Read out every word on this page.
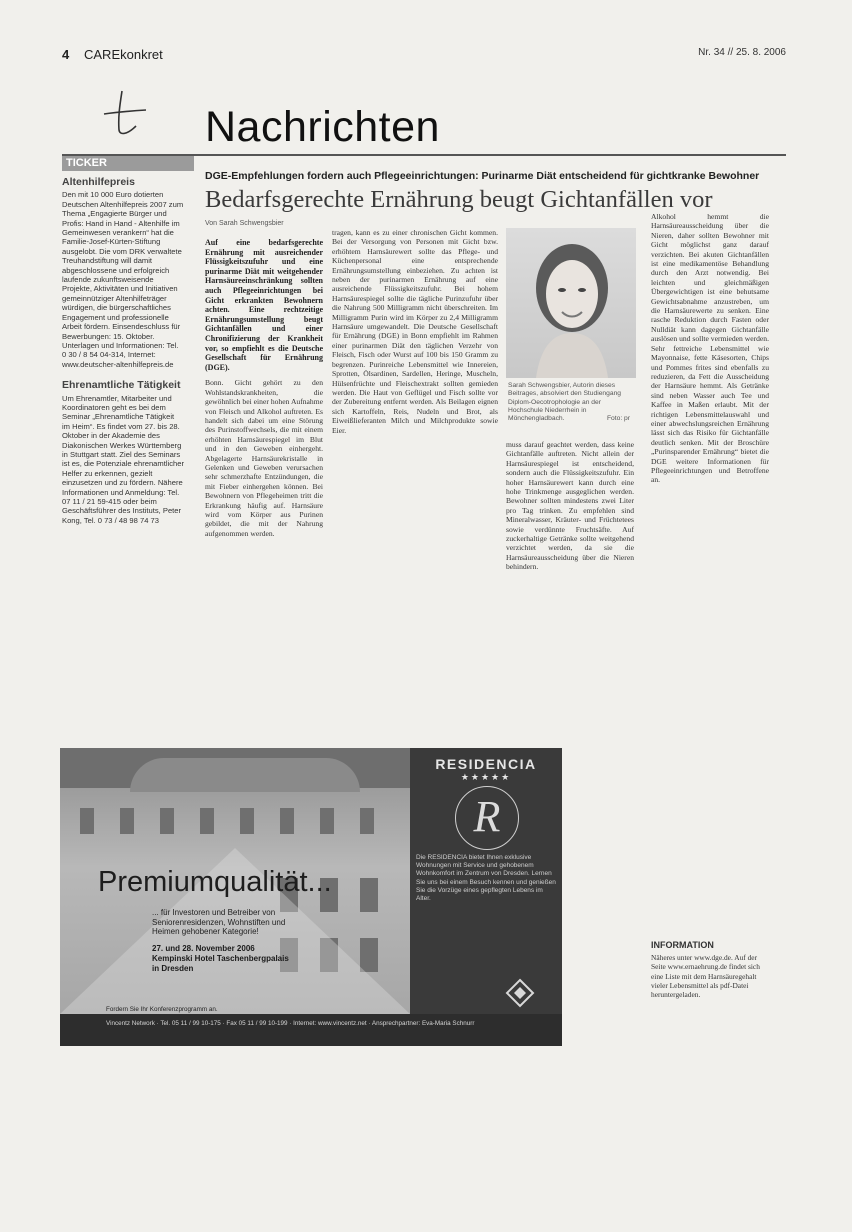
4 CAREkonkret	Nr. 34 // 25. 8. 2006
Nachrichten
TICKER
Altenhilfepreis

Den mit 10 000 Euro dotierten Deutschen Altenhilfepreis 2007 zum Thema „Engagierte Bürger und Profis: Hand in Hand - Altenhilfe im Gemeinwesen verankern“ hat die Familie-Josef-Kürten-Stiftung ausgelobt. Die vom DRK verwaltete Treuhandstiftung will damit abgeschlossene und erfolgreich laufende zukunftsweisende Projekte, Aktivitäten und Initiativen gemeinnütziger Altenhilfeträger würdigen, die bürgerschaftliches Engagement und professionelle Arbeit fördern. Einsendeschluss für Bewerbungen: 15. Oktober. Unterlagen und Informationen: Tel. 0 30 / 8 54 04-314, Internet: www.deutscher-altenhilfepreis.de

Ehrenamtliche Tätigkeit

Um Ehrenamtler, Mitarbeiter und Koordinatoren geht es bei dem Seminar „Ehrenamtliche Tätigkeit im Heim“. Es findet vom 27. bis 28. Oktober in der Akademie des Diakonischen Werkes Württemberg in Stuttgart statt. Ziel des Seminars ist es, die Potenziale ehrenamtlicher Helfer zu erkennen, gezielt einzusetzen und zu fördern. Nähere Informationen und Anmeldung: Tel. 07 11 / 21 59-415 oder beim Geschäftsführer des Instituts, Peter Kong, Tel. 0 73 / 48 98 74 73

DGE-Empfehlungen fordern auch Pflegeeinrichtungen: Purinarme Diät entscheidend für gichtkranke Bewohner
Bedarfsgerechte Ernährung beugt Gichtanfällen vor
Von Sarah Schwengsbier

Auf eine bedarfsgerechte Ernährung mit ausreichender Flüssigkeitszufuhr und eine purinarme Diät mit weitgehender Harnsäureeinschränkung sollten auch Pflegeeinrichtungen bei Gicht erkrankten Bewohnern achten. Eine rechtzeitige Ernährungsumstellung beugt Gichtanfällen und einer Chronifizierung der Krankheit vor, so empfiehlt es die Deutsche Gesellschaft für Ernährung (DGE).

Bonn. Gicht gehört zu den Wohlstandskrankheiten, die gewöhnlich bei einer hohen Aufnahme von Fleisch und Alkohol auftreten. Es handelt sich dabei um eine Störung des Purinstoffwechsels, die mit einem erhöhten Harnsäurespiegel im Blut und in den Geweben einhergeht. Abgelagerte Harnsäurekristalle in Gelenken und Geweben verursachen sehr schmerzhafte Entzündungen, die mit Fieber einhergehen können. Bei Bewohnern von Pflegeheimen tritt die Erkrankung häufig auf. Harnsäure wird vom Körper aus Purinen gebildet, die mit der Nahrung aufgenommen werden.

tragen, kann es zu einer chronischen Gicht kommen. Bei der Versorgung von Personen mit Gicht bzw. erhöhtem Harnsäurewert sollte das Pflege- und Küchenpersonal eine entsprechende Ernährungsumstellung einbeziehen. Zu achten ist neben der purinarmen Ernährung auf eine ausreichende Flüssigkeitszufuhr. Bei hohem Harnsäurespiegel sollte die tägliche Purinzufuhr über die Nahrung 500 Milligramm nicht überschreiten. Im Milligramm Purin wird im Körper zu 2,4 Milligramm Harnsäure umgewandelt. Die Deutsche Gesellschaft für Ernährung (DGE) in Bonn empfiehlt im Rahmen einer purinarmen Diät den täglichen Verzehr von Fleisch, Fisch oder Wurst auf 100 bis 150 Gramm zu begrenzen. Purinreiche Lebensmittel wie Innereien, Sprotten, Ölsardinen, Sardellen, Heringe, Muscheln, Hülsenfrüchte und Fleischextrakt sollten gemieden werden. Die Haut von Geflügel und Fisch sollte vor der Zubereitung entfernt werden. Als Beilagen eignen sich Kartoffeln, Reis, Nudeln und Brot, als Eiweißlieferanten Milch und Milchprodukte sowie Eier.

Sarah Schwengsbier, Autorin dieses Beitrages, absolviert den Studiengang Diplom-Oecotrophologie an der Hochschule Niederrhein in Mönchengladbach.	Foto: pr

muss darauf geachtet werden, dass keine Gichtanfälle auftreten. Nicht allein der Harnsäurespiegel ist entscheidend, sondern auch die Flüssigkeitszufuhr. Ein hoher Harnsäurewert kann durch eine hohe Trinkmenge ausgeglichen werden. Bewohner sollten mindestens zwei Liter pro Tag trinken. Zu empfehlen sind Mineralwasser, Kräuter- und Früchtetees sowie verdünnte Fruchtsäfte. Auf zuckerhaltige Getränke sollte weitgehend verzichtet werden, da sie die Harnsäureausscheidung über die Nieren behindern.

Alkohol hemmt die Harnsäureausscheidung über die Nieren, daher sollten Bewohner mit Gicht möglichst ganz darauf verzichten. Bei akuten Gichtanfällen ist eine medikamentöse Behandlung durch den Arzt notwendig. Bei leichten und gleichmäßigen Übergewichtigen ist eine behutsame Gewichtsabnahme anzustreben, um die Harnsäurewerte zu senken. Eine rasche Reduktion durch Fasten oder Nulldiät kann dagegen Gichtanfälle auslösen und sollte vermieden werden. Sehr fettreiche Lebensmittel wie Mayonnaise, fette Käsesorten, Chips und Pommes frites sind ebenfalls zu reduzieren, da Fett die Ausscheidung der Harnsäure hemmt. Als Getränke sind neben Wasser auch Tee und Kaffee in Maßen erlaubt. Mit der richtigen Lebensmittelauswahl und einer abwechslungsreichen Ernährung lässt sich das Risiko für Gichtanfälle deutlich senken. Mit der Broschüre „Purinsparender Ernährung“ bietet die DGE weitere Informationen für Pflegeeinrichtungen und Betroffene an.

INFORMATION

Näheres unter www.dge.de. Auf der Seite www.ernaehrung.de findet sich eine Liste mit dem Harnsäuregehalt vieler Lebensmittel als pdf-Datei heruntergeladen.

Premiumqualität...
... für Investoren und Betreiber von Seniorenresidenzen, Wohnstiften und Heimen gehobener Kategorie!
27. und 28. November 2006
Kempinski Hotel Taschenbergpalais
in Dresden
RESIDENCIA
★★★★★
R
Die RESIDENCIA bietet Ihnen exklusive Wohnungen mit Service und gehobenem Wohnkomfort im Zentrum von Dresden. Lernen Sie uns bei einem Besuch kennen und genießen Sie die Vorzüge eines gepflegten Lebens im Alter.
Fordern Sie Ihr Konferenzprogramm an.
Vincentz Network · Tel. 05 11 / 99 10-175 · Fax 05 11 / 99 10-199 · Internet: www.vincentz.net · Ansprechpartner: Eva-Maria Schnurr
